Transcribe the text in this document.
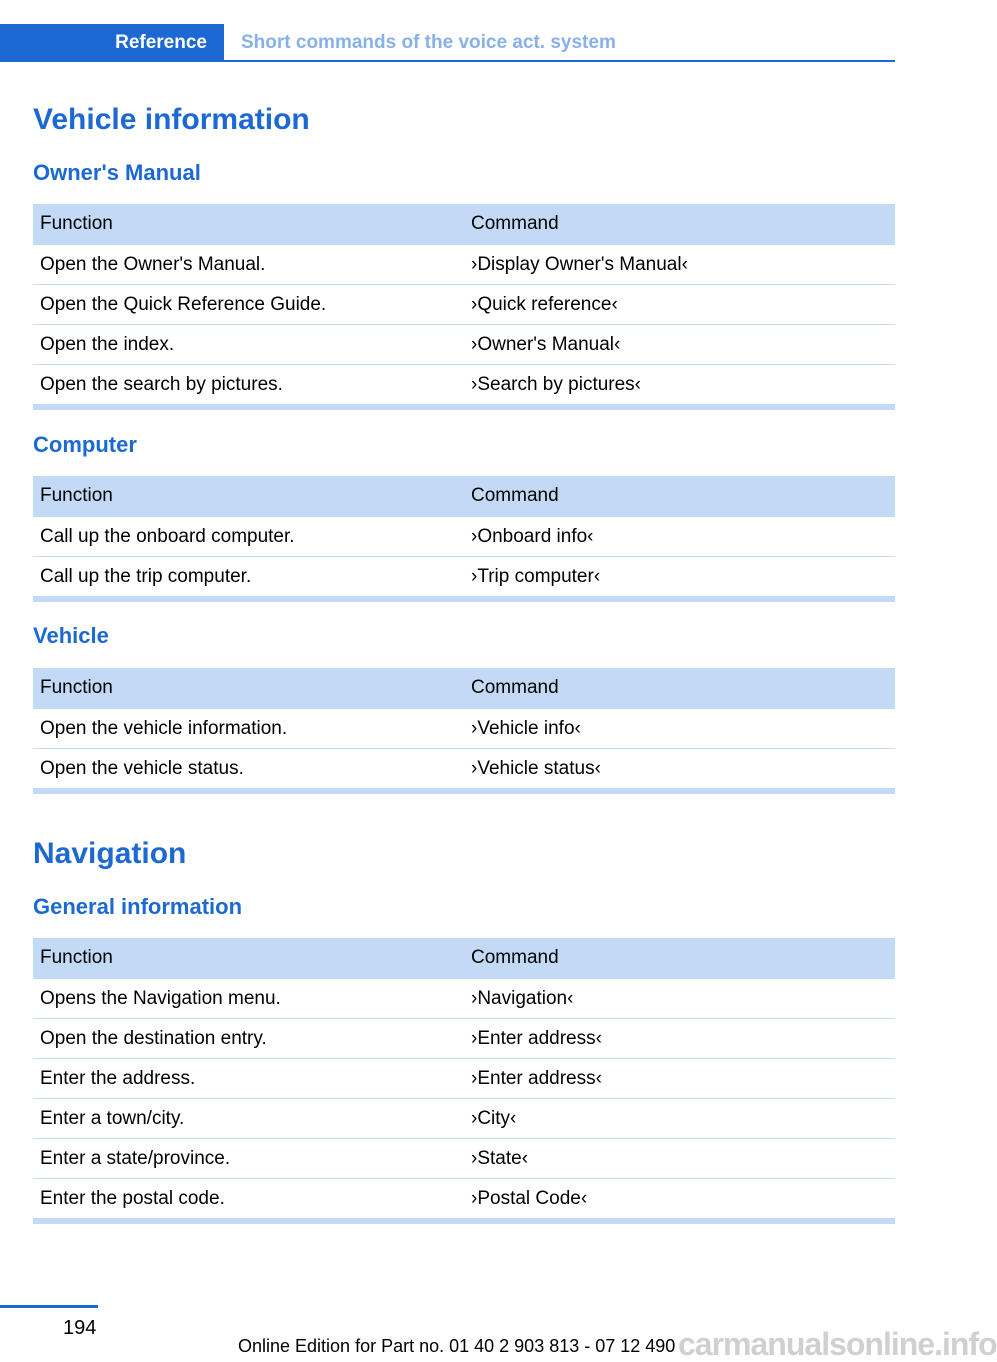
Reference	Short commands of the voice act. system
Vehicle information
Owner's Manual
Function	Command
Open the Owner's Manual.	›Display Owner's Manual‹
Open the Quick Reference Guide.	›Quick reference‹
Open the index.	›Owner's Manual‹
Open the search by pictures.	›Search by pictures‹
Computer
Function	Command
Call up the onboard computer.	›Onboard info‹
Call up the trip computer.	›Trip computer‹
Vehicle
Function	Command
Open the vehicle information.	›Vehicle info‹
Open the vehicle status.	›Vehicle status‹
Navigation
General information
Function	Command
Opens the Navigation menu.	›Navigation‹
Open the destination entry.	›Enter address‹
Enter the address.	›Enter address‹
Enter a town/city.	›City‹
Enter a state/province.	›State‹
Enter the postal code.	›Postal Code‹
194
Online Edition for Part no. 01 40 2 903 813 - 07 12 490 carmanualsonline.info
